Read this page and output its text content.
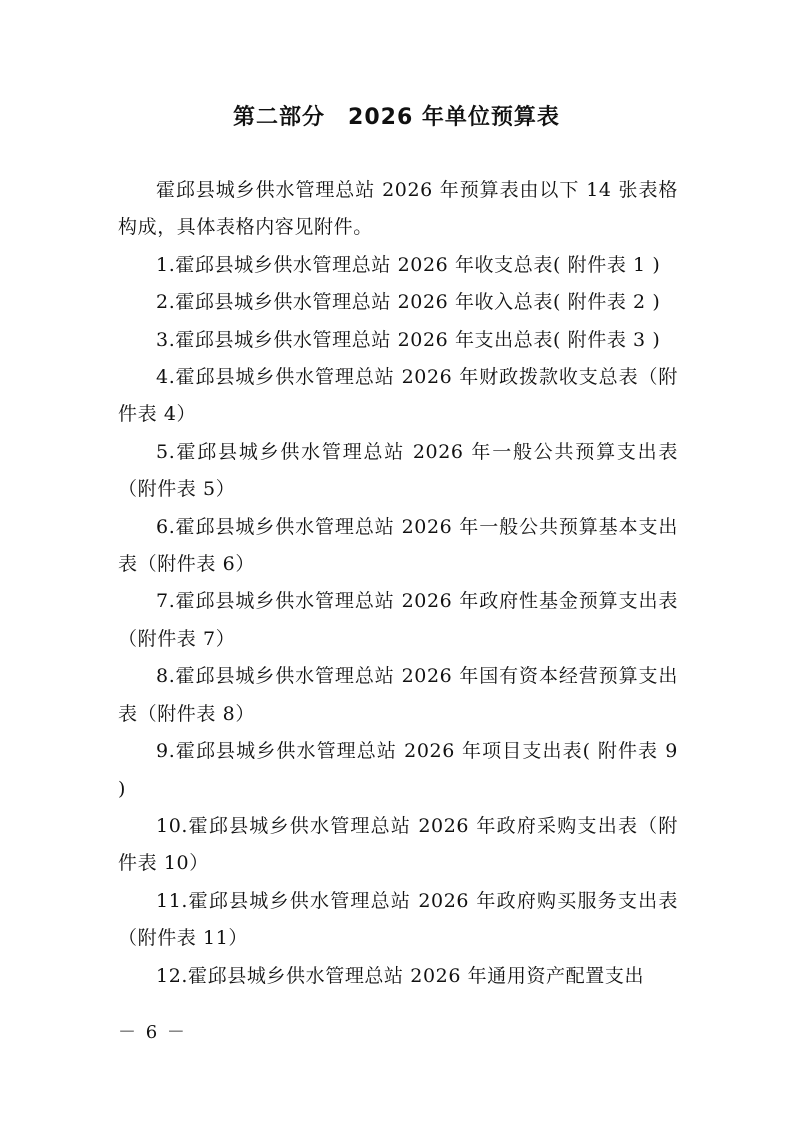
第二部分　2026 年单位预算表

霍邱县城乡供水管理总站 2026 年预算表由以下 14 张表格构成，具体表格内容见附件。

1.霍邱县城乡供水管理总站 2026 年收支总表( 附件表 1 )

2.霍邱县城乡供水管理总站 2026 年收入总表( 附件表 2 )

3.霍邱县城乡供水管理总站 2026 年支出总表( 附件表 3 )

4.霍邱县城乡供水管理总站 2026 年财政拨款收支总表（附件表 4）

5.霍邱县城乡供水管理总站 2026 年一般公共预算支出表（附件表 5）

6.霍邱县城乡供水管理总站 2026 年一般公共预算基本支出表（附件表 6）

7.霍邱县城乡供水管理总站 2026 年政府性基金预算支出表（附件表 7）

8.霍邱县城乡供水管理总站 2026 年国有资本经营预算支出表（附件表 8）

9.霍邱县城乡供水管理总站 2026 年项目支出表( 附件表 9 )

10.霍邱县城乡供水管理总站 2026 年政府采购支出表（附件表 10）

11.霍邱县城乡供水管理总站 2026 年政府购买服务支出表（附件表 11）

12.霍邱县城乡供水管理总站 2026 年通用资产配置支出

－ 6 －
